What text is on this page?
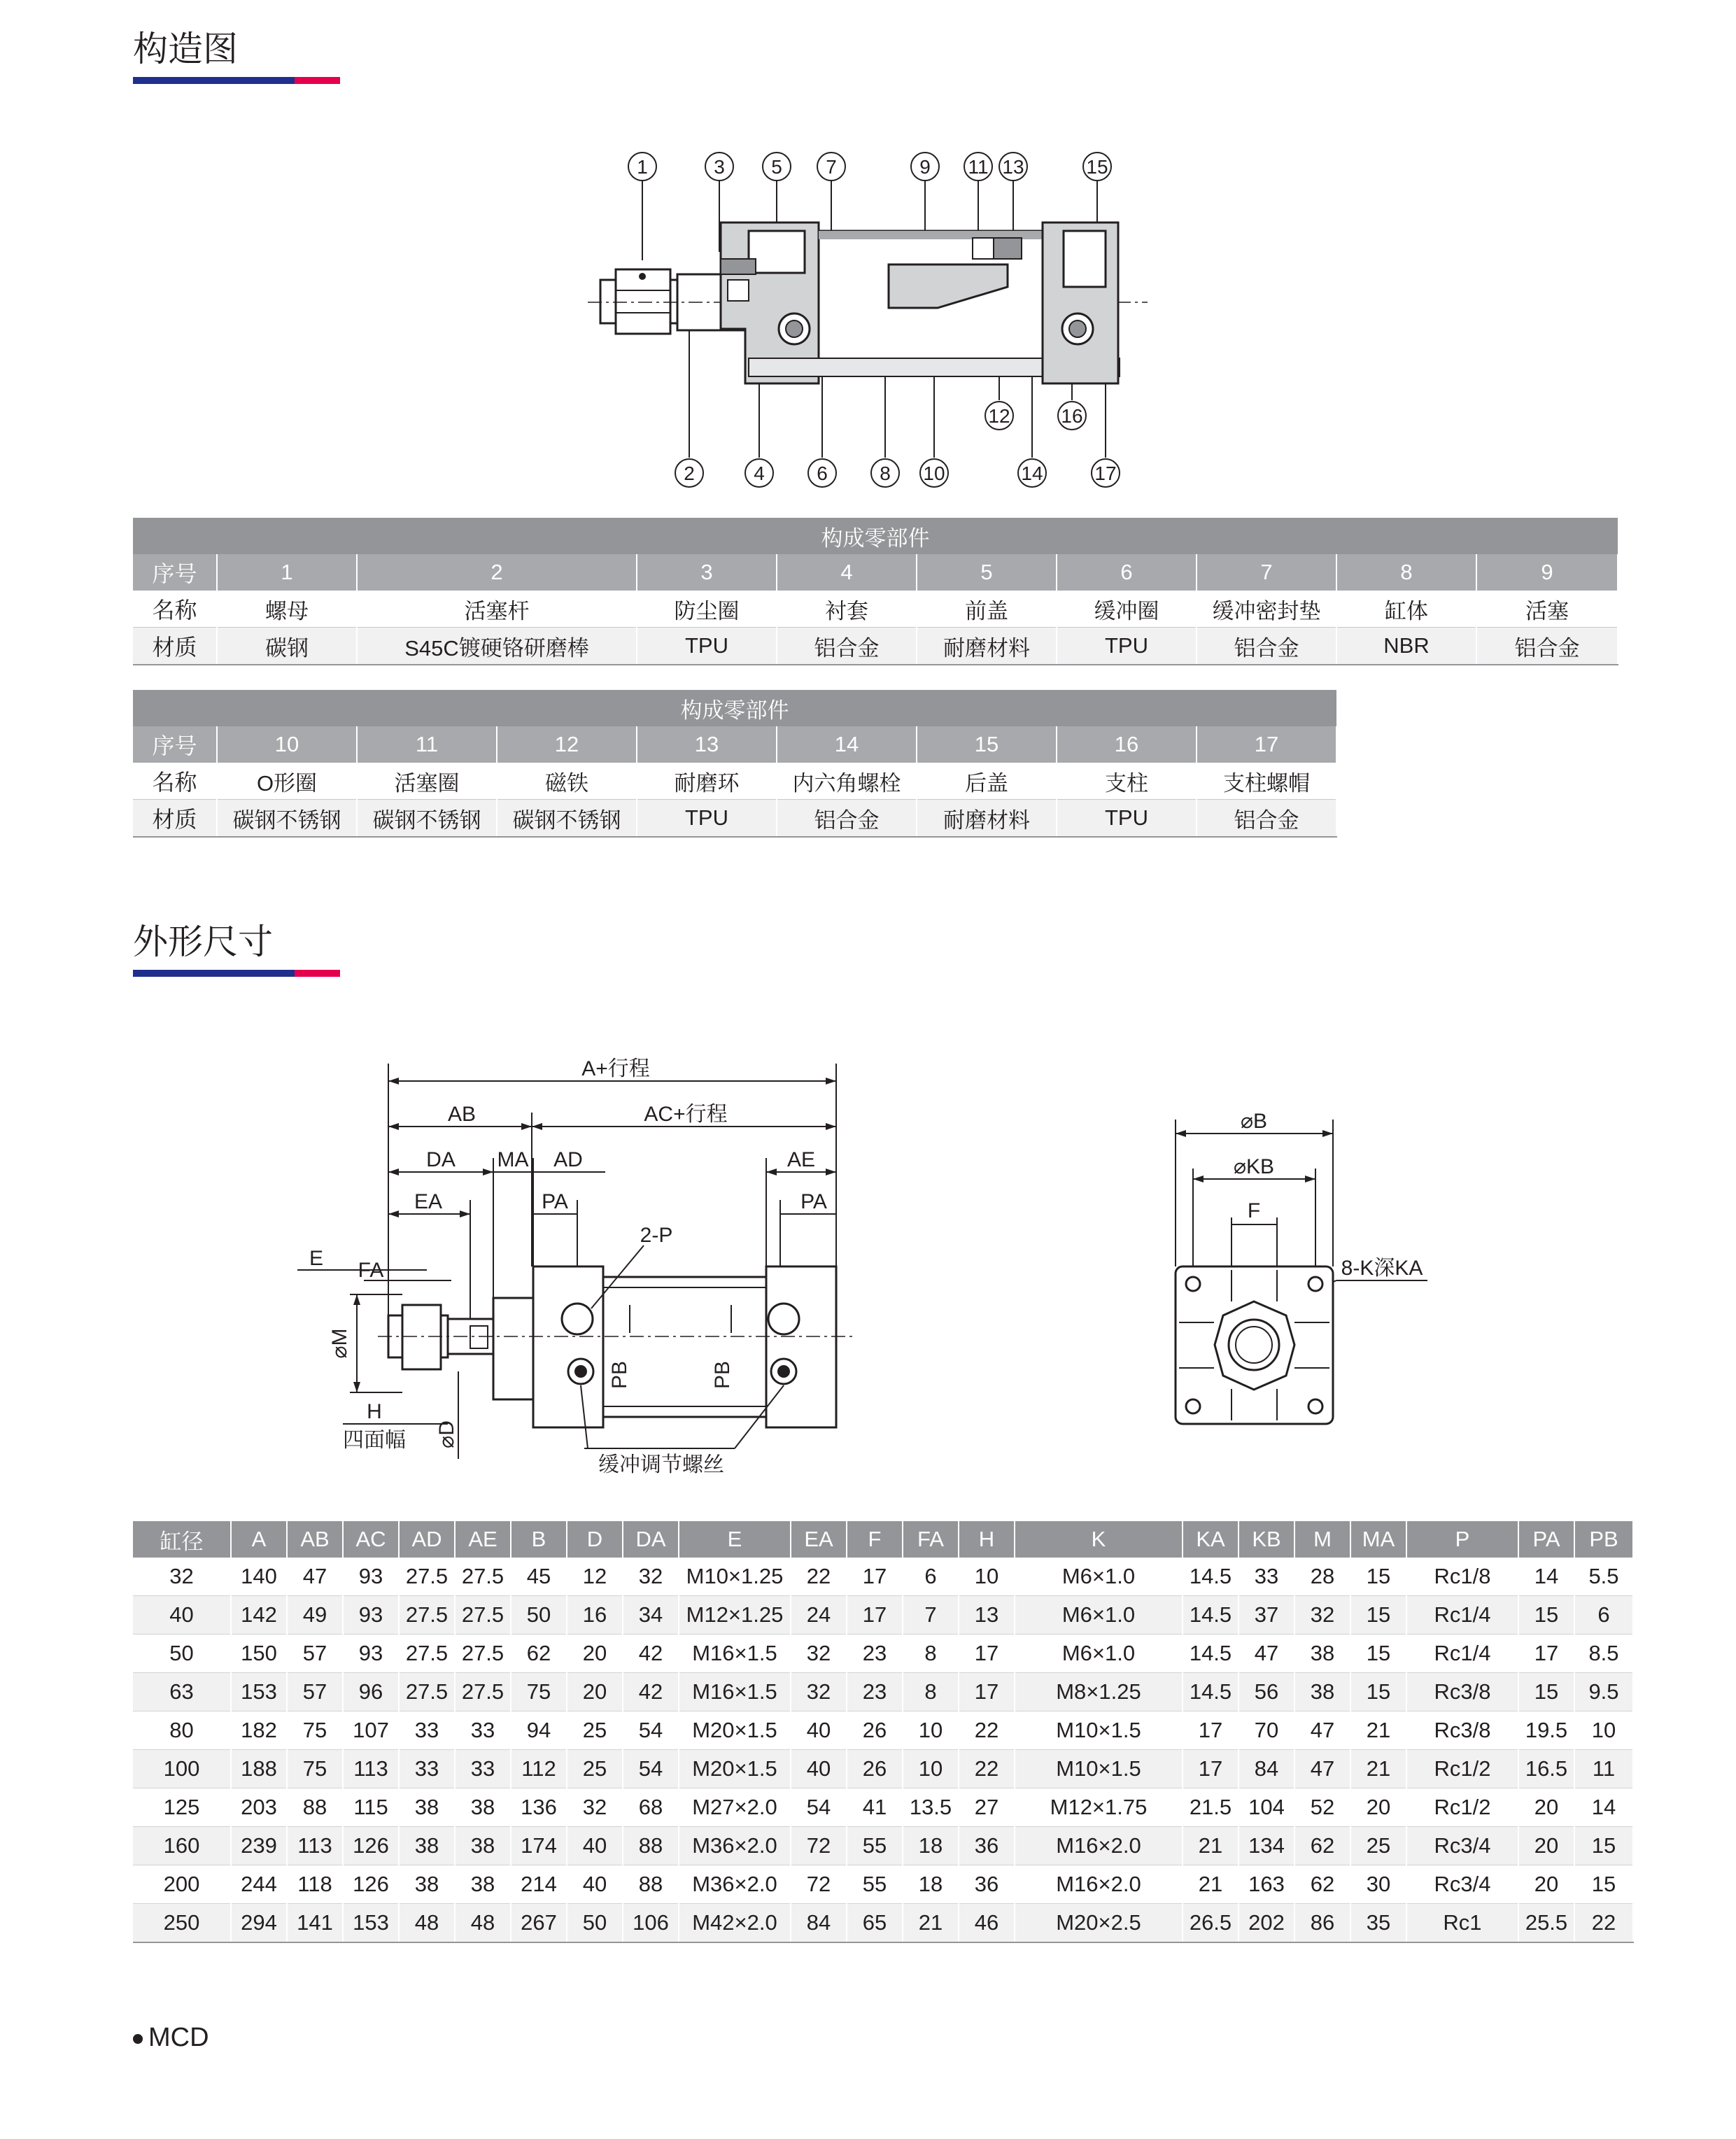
构造图
1	3 5 7	9 11 13	15
12	16
2	4	6	8 10	14	17
构成零部件									
序号	1	2	3	4	5	6	7	8	9
名称	螺母	活塞杆	防尘圈	衬套	前盖	缓冲圈	缓冲密封垫	缸体	活塞
材质	碳钢	S45C镀硬铬研磨棒	TPU	铝合金	耐磨材料	TPU	铝合金	NBR	铝合金
构成零部件								
序号	10	11	12	13	14	15	16	17
名称	O形圈	活塞圈	磁铁	耐磨环	内六角螺栓	后盖	支柱	支柱螺帽
材质	碳钢不锈钢	碳钢不锈钢	碳钢不锈钢	TPU	铝合金	耐磨材料	TPU	铝合金
外形尺寸
A+行程
AB	AC+行程
DA MA AD	AE
EA	PA	PA
2-P
E
FA
H
四面幅
缓冲调节螺丝
⌀M
⌀D
PB	PB
⌀B
⌀KB
F
8-K深KA
缸径	A	AB	AC	AD	AE	B	D	DA	E	EA	F	FA	H	K	KA	KB	M	MA	P	PA	PB
32	140	47	93	27.5	27.5	45	12	32	M10×1.25	22	17	6	10	M6×1.0	14.5	33	28	15	Rc1/8	14	5.5
40	142	49	93	27.5	27.5	50	16	34	M12×1.25	24	17	7	13	M6×1.0	14.5	37	32	15	Rc1/4	15	6
50	150	57	93	27.5	27.5	62	20	42	M16×1.5	32	23	8	17	M6×1.0	14.5	47	38	15	Rc1/4	17	8.5
63	153	57	96	27.5	27.5	75	20	42	M16×1.5	32	23	8	17	M8×1.25	14.5	56	38	15	Rc3/8	15	9.5
80	182	75	107	33	33	94	25	54	M20×1.5	40	26	10	22	M10×1.5	17	70	47	21	Rc3/8	19.5	10
100	188	75	113	33	33	112	25	54	M20×1.5	40	26	10	22	M10×1.5	17	84	47	21	Rc1/2	16.5	11
125	203	88	115	38	38	136	32	68	M27×2.0	54	41	13.5	27	M12×1.75	21.5	104	52	20	Rc1/2	20	14
160	239	113	126	38	38	174	40	88	M36×2.0	72	55	18	36	M16×2.0	21	134	62	25	Rc3/4	20	15
200	244	118	126	38	38	214	40	88	M36×2.0	72	55	18	36	M16×2.0	21	163	62	30	Rc3/4	20	15
250	294	141	153	48	48	267	50	106	M42×2.0	84	65	21	46	M20×2.5	26.5	202	86	35	Rc1	25.5	22
MCD
